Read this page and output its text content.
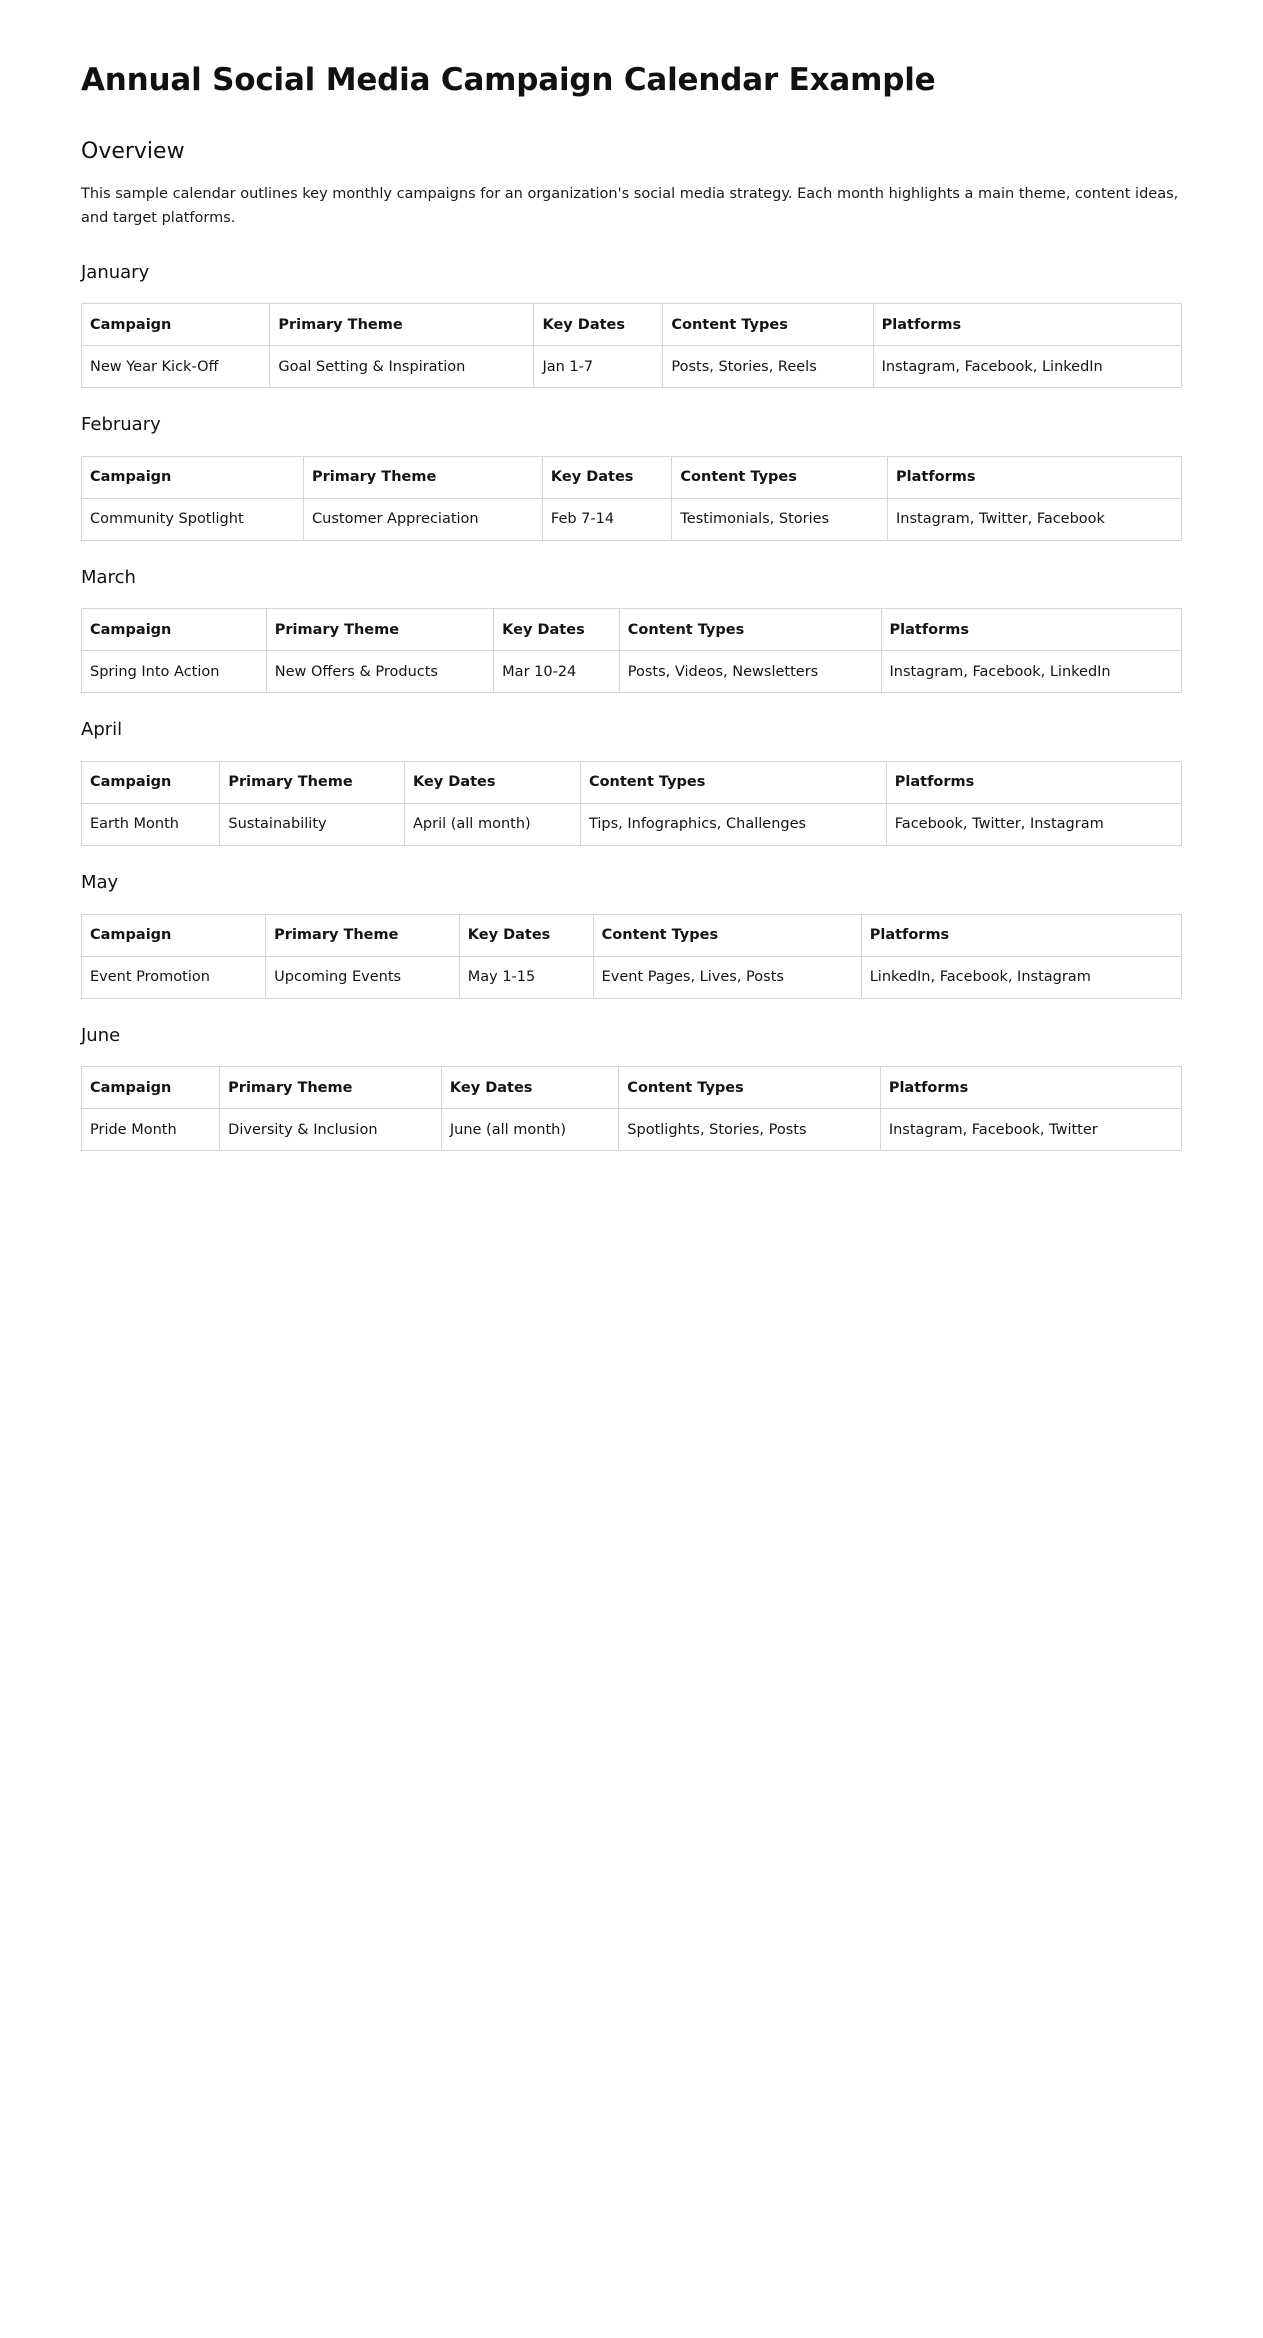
Annual Social Media Campaign Calendar Example
Overview

This sample calendar outlines key monthly campaigns for an organization's social media strategy. Each month highlights a main theme, content ideas, and target platforms.

January
Campaign	Primary Theme	Key Dates	Content Types	Platforms
New Year Kick-Off	Goal Setting & Inspiration	Jan 1-7	Posts, Stories, Reels	Instagram, Facebook, LinkedIn
February
Campaign	Primary Theme	Key Dates	Content Types	Platforms
Community Spotlight	Customer Appreciation	Feb 7-14	Testimonials, Stories	Instagram, Twitter, Facebook
March
Campaign	Primary Theme	Key Dates	Content Types	Platforms
Spring Into Action	New Offers & Products	Mar 10-24	Posts, Videos, Newsletters	Instagram, Facebook, LinkedIn
April
Campaign	Primary Theme	Key Dates	Content Types	Platforms
Earth Month	Sustainability	April (all month)	Tips, Infographics, Challenges	Facebook, Twitter, Instagram
May
Campaign	Primary Theme	Key Dates	Content Types	Platforms
Event Promotion	Upcoming Events	May 1-15	Event Pages, Lives, Posts	LinkedIn, Facebook, Instagram
June
Campaign	Primary Theme	Key Dates	Content Types	Platforms
Pride Month	Diversity & Inclusion	June (all month)	Spotlights, Stories, Posts	Instagram, Facebook, Twitter
